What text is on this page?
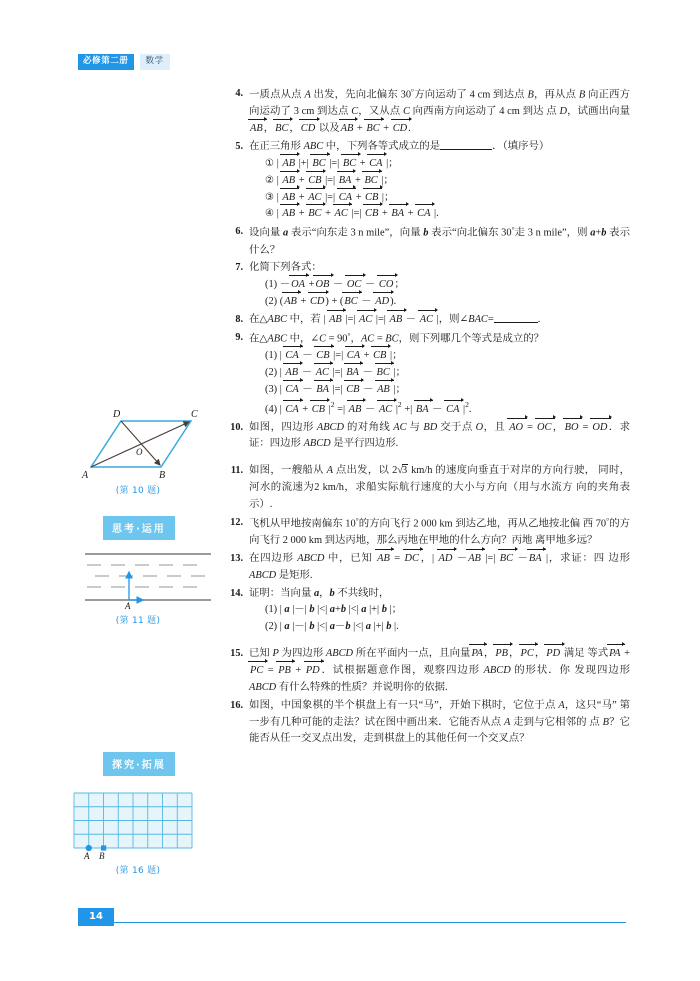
必修第二册	数学
D	C
A	B
O
(第 10 题)
思考·运用
A
(第 11 题)
探究·拓展
A B
(第 16 题)
4. 一质点从点 A 出发，先向北偏东 30°方向运动了 4 cm 到达点 B，再从点 B 向正西方向运动了 3 cm 到达点 C，又从点 C 向西南方向运动了 4 cm 到达 点 D，试画出向量 AB，BC，CD 以及AB + BC + CD.
5. 在正三角形 ABC 中，下列各等式成立的是	．（填序号）
① | AB |+| BC |=| BC + CA |；
② | AB + CB |=| BA + BC |；
③ | AB + AC |=| CA + CB |；
④ | AB + BC + AC |=| CB + BA + CA |.
6. 设向量 a 表示“向东走 3 n mile”，向量 b 表示“向北偏东 30°走 3 n mile”，则 a+b 表示什么？
7. 化简下列各式：
(1) －OA +OB － OC － CO；
(2) (AB + CD) + (BC － AD).
8. 在△ABC 中，若 | AB |=| AC |=| AB － AC |，则∠BAC=	.
9. 在△ABC 中，∠C = 90°，AC = BC，则下列哪几个等式是成立的？
(1) | CA － CB |=| CA + CB |；
(2) | AB － AC |=| BA － BC |；
(3) | CA － BA |=| CB － AB |；
(4) | CA + CB $|^2$ =| AB － AC $|^2$ +| BA － CA $|^2$.
10. 如图，四边形 ABCD 的对角线 AC 与 BD 交于点 O，且 AO = OC，BO = OD．求证：四边形 ABCD 是平行四边形.
11. 如图，一艘船从 A 点出发，以 2√3 km/h 的速度向垂直于对岸的方向行驶， 同时，河水的流速为2 km/h，求船实际航行速度的大小与方向（用与水流方 向的夹角表示）.
12. 飞机从甲地按南偏东 10°的方向飞行 2 000 km 到达乙地，再从乙地按北偏 西 70°的方向飞行 2 000 km 到达丙地，那么丙地在甲地的什么方向？丙地 离甲地多远？
13. 在四边形 ABCD 中，已知 AB = DC，| AD －AB |=| BC －BA |，求证：四 边形 ABCD 是矩形.
14. 证明：当向量 a，b 不共线时，
(1) | a |－| b |<| a+b |<| a |+| b |；
(2) | a |－| b |<| a－b |<| a |+| b |.
15. 已知 P 为四边形 ABCD 所在平面内一点，且向量PA，PB，PC，PD 满足 等式PA + PC = PB + PD．试根据题意作图，观察四边形 ABCD 的形状．你 发现四边形 ABCD 有什么特殊的性质？并说明你的依据.
16. 如图，中国象棋的半个棋盘上有一只“马”，开始下棋时，它位于点 A，这只“马” 第一步有几种可能的走法？试在图中画出来．它能否从点 A 走到与它相邻的 点 B？它能否从任一交叉点出发，走到棋盘上的其他任何一个交叉点？
14
